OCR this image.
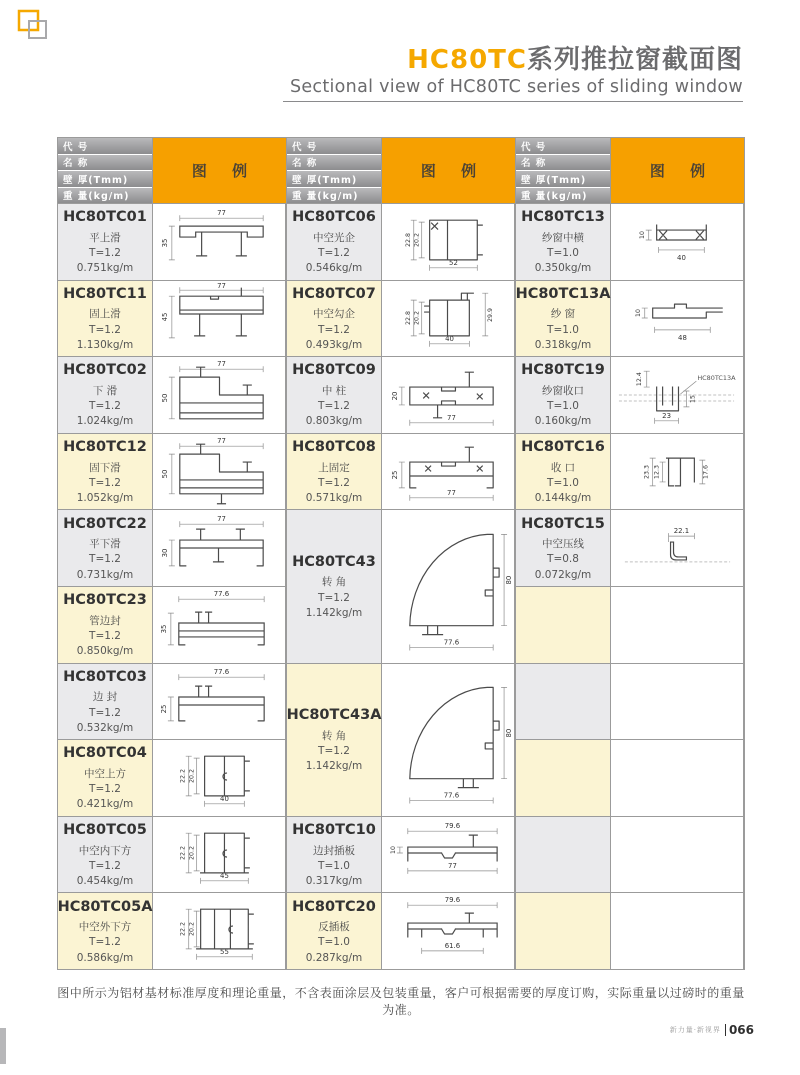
HC80TC系列推拉窗截面图
Sectional view of HC80TC series of sliding window
代 号
名 称
壁 厚(Tmm)
重 量(kg/m)
图 例
HC80TC01
平上滑
T=1.2
0.751kg/m
77
35
HC80TC11
固上滑
T=1.2
1.130kg/m
77
45
HC80TC02
下 滑
T=1.2
1.024kg/m
77
50
HC80TC12
固下滑
T=1.2
1.052kg/m
77
50
HC80TC22
平下滑
T=1.2
0.731kg/m
77
30
HC80TC23
管边封
T=1.2
0.850kg/m
77.6
35
HC80TC03
边 封
T=1.2
0.532kg/m
77.6
25
HC80TC04
中空上方
T=1.2
0.421kg/m
22.2 20.2
40
HC80TC05
中空内下方
T=1.2
0.454kg/m
22.2 20.2
45
HC80TC05A
中空外下方
T=1.2
0.586kg/m
22.2 20.2
55
代 号
名 称
壁 厚(Tmm)
重 量(kg/m)
图 例
HC80TC06
中空光企
T=1.2
0.546kg/m
22.8 20.2
52
HC80TC07
中空勾企
T=1.2
0.493kg/m
22.8 20.2
40
29.9
HC80TC09
中 柱
T=1.2
0.803kg/m
20
77
HC80TC08
上固定
T=1.2
0.571kg/m
25
77
HC80TC43
转 角
T=1.2
1.142kg/m
77.6
80
HC80TC43A
转 角
T=1.2
1.142kg/m
77.6
80
HC80TC10
边封插板
T=1.0
0.317kg/m
79.6
10
77
HC80TC20
反插板
T=1.0
0.287kg/m
79.6
61.6
代 号
名 称
壁 厚(Tmm)
重 量(kg/m)
图 例
HC80TC13
纱窗中横
T=1.0
0.350kg/m
10
40
HC80TC13A
纱 窗
T=1.0
0.318kg/m
10
48
HC80TC19
纱窗收口
T=1.0
0.160kg/m
12.4
15
23
HC80TC13A
HC80TC16
收 口
T=1.0
0.144kg/m
23.3 12.3	17.6
HC80TC15
中空压线
T=0.8
0.072kg/m
22.1
图中所示为铝材基材标准厚度和理论重量，不含表面涂层及包装重量，客户可根据需要的厚度订购，实际重量以过磅时的重量为准。
新力量·新视界 066
